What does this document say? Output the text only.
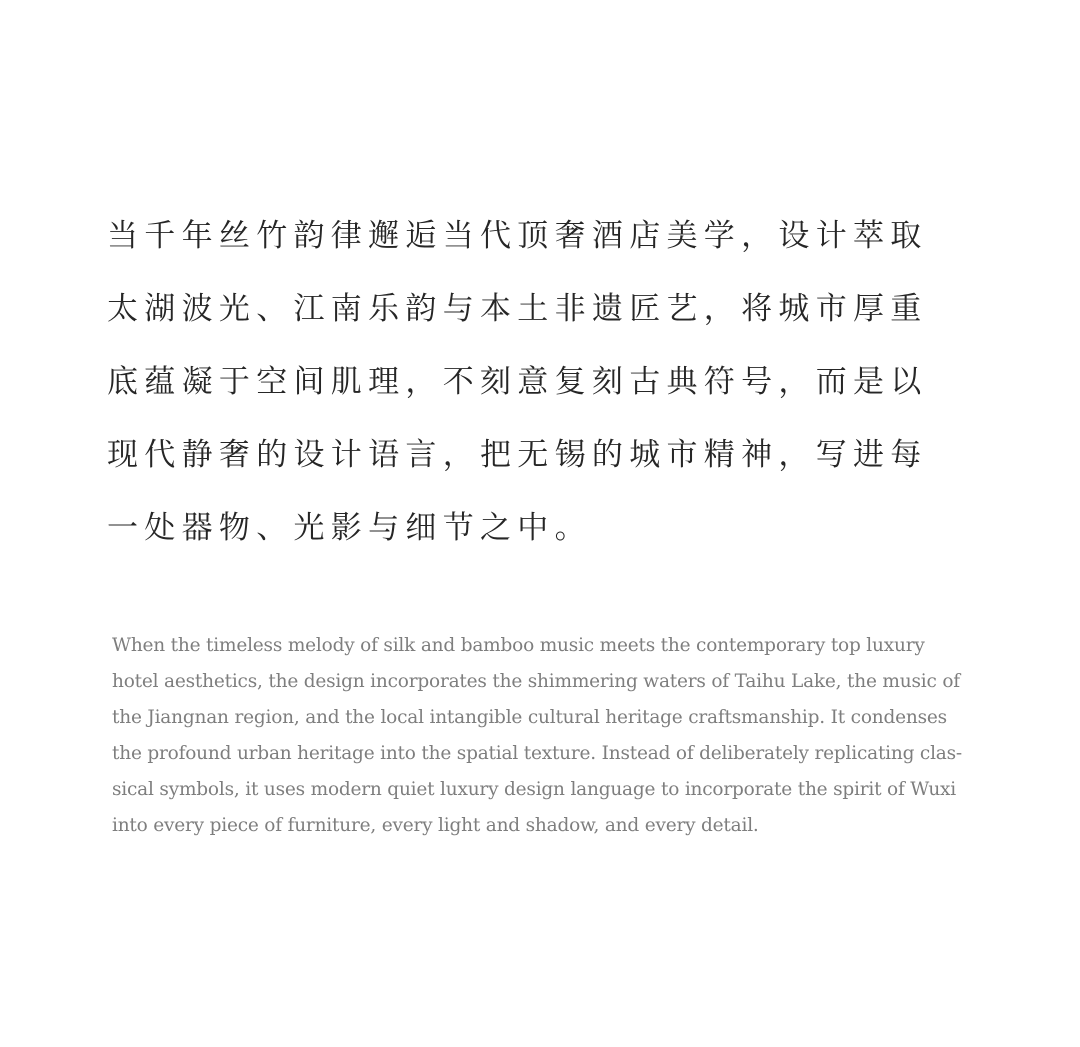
当千年丝竹韵律邂逅当代顶奢酒店美学，设计萃取
太湖波光、江南乐韵与本土非遗匠艺，将城市厚重
底蕴凝于空间肌理，不刻意复刻古典符号，而是以
现代静奢的设计语言，把无锡的城市精神，写进每
一处器物、光影与细节之中。
When the timeless melody of silk and bamboo music meets the contemporary top luxury
hotel aesthetics, the design incorporates the shimmering waters of Taihu Lake, the music of
the Jiangnan region, and the local intangible cultural heritage craftsmanship. It condenses
the profound urban heritage into the spatial texture. Instead of deliberately replicating clas-
sical symbols, it uses modern quiet luxury design language to incorporate the spirit of Wuxi
into every piece of furniture, every light and shadow, and every detail.
